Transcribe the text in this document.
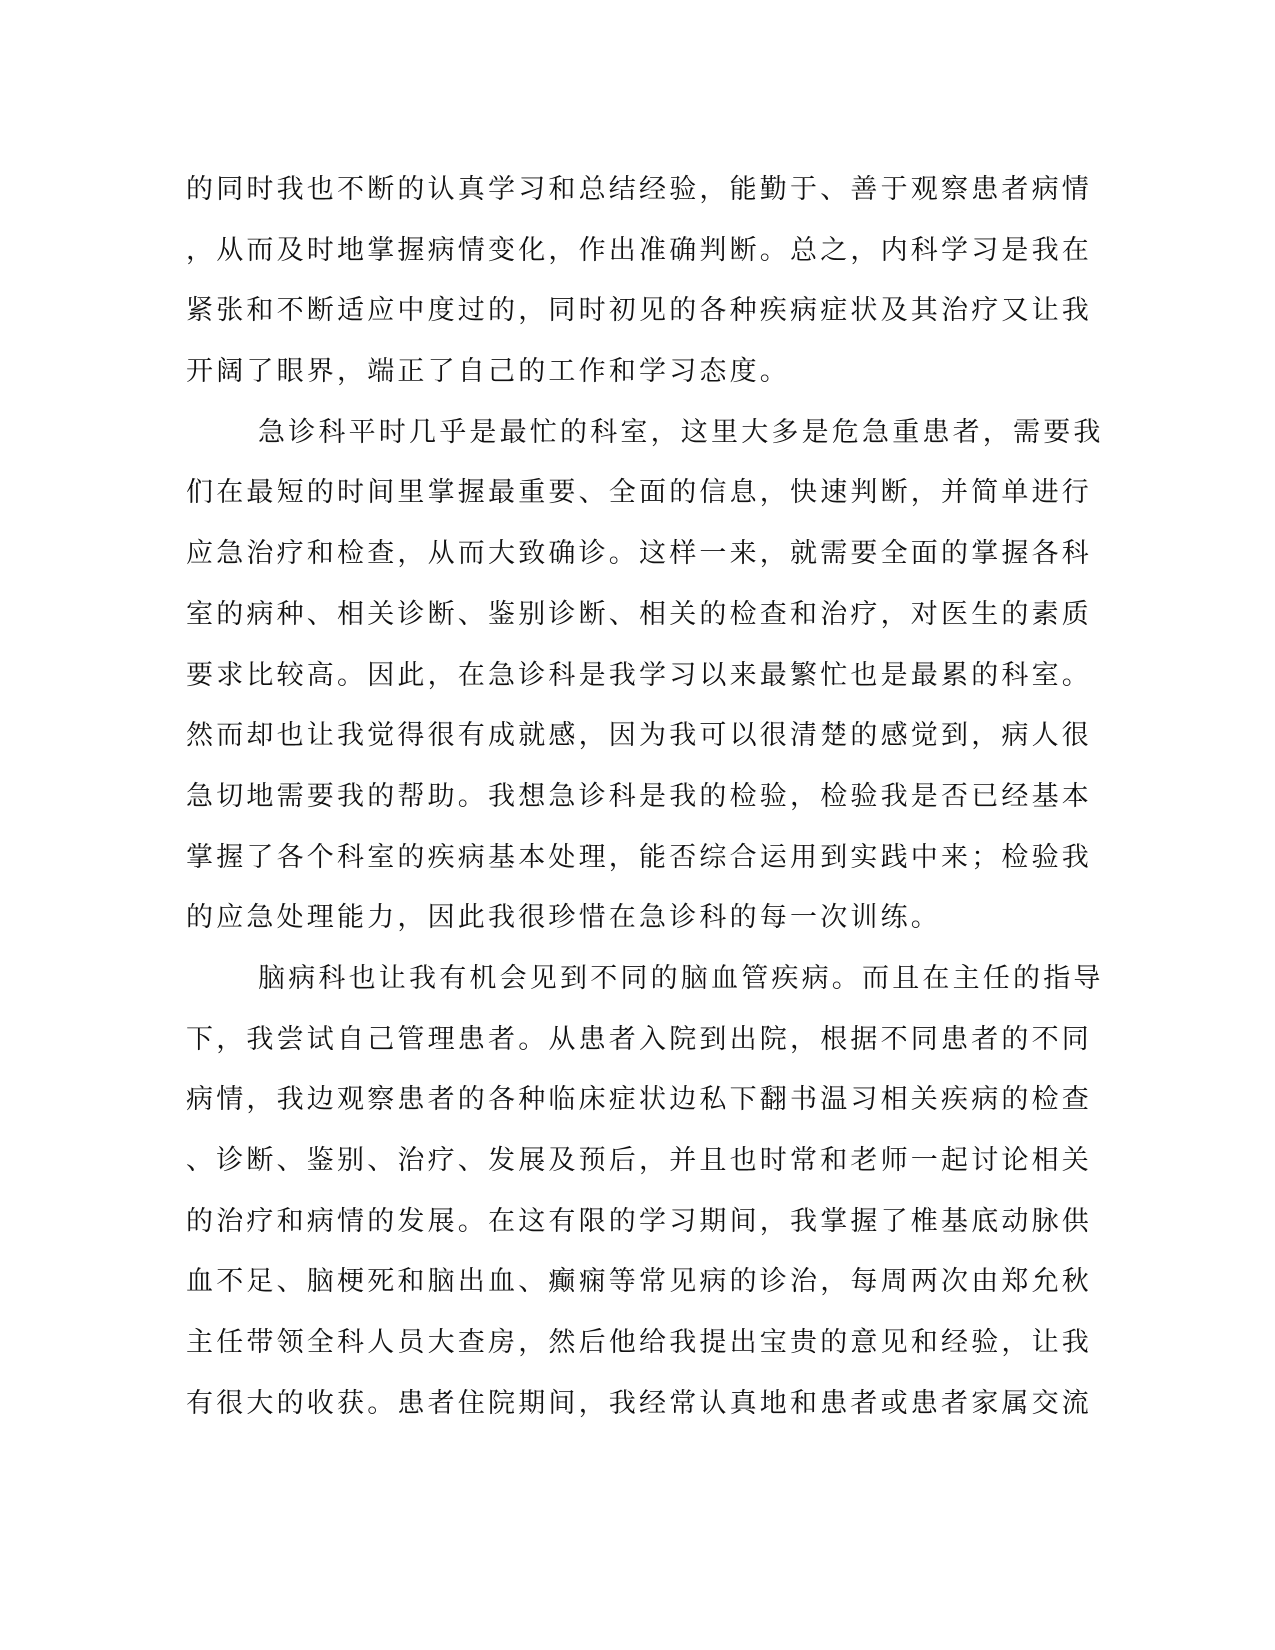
的同时我也不断的认真学习和总结经验，能勤于、善于观察患者病情
，从而及时地掌握病情变化，作出准确判断。总之，内科学习是我在
紧张和不断适应中度过的，同时初见的各种疾病症状及其治疗又让我
开阔了眼界，端正了自己的工作和学习态度。
急诊科平时几乎是最忙的科室，这里大多是危急重患者，需要我
们在最短的时间里掌握最重要、全面的信息，快速判断，并简单进行
应急治疗和检查，从而大致确诊。这样一来，就需要全面的掌握各科
室的病种、相关诊断、鉴别诊断、相关的检查和治疗，对医生的素质
要求比较高。因此，在急诊科是我学习以来最繁忙也是最累的科室。
然而却也让我觉得很有成就感，因为我可以很清楚的感觉到，病人很
急切地需要我的帮助。我想急诊科是我的检验，检验我是否已经基本
掌握了各个科室的疾病基本处理，能否综合运用到实践中来；检验我
的应急处理能力，因此我很珍惜在急诊科的每一次训练。
脑病科也让我有机会见到不同的脑血管疾病。而且在主任的指导
下，我尝试自己管理患者。从患者入院到出院，根据不同患者的不同
病情，我边观察患者的各种临床症状边私下翻书温习相关疾病的检查
、诊断、鉴别、治疗、发展及预后，并且也时常和老师一起讨论相关
的治疗和病情的发展。在这有限的学习期间，我掌握了椎基底动脉供
血不足、脑梗死和脑出血、癫痫等常见病的诊治，每周两次由郑允秋
主任带领全科人员大查房，然后他给我提出宝贵的意见和经验，让我
有很大的收获。患者住院期间，我经常认真地和患者或患者家属交流
